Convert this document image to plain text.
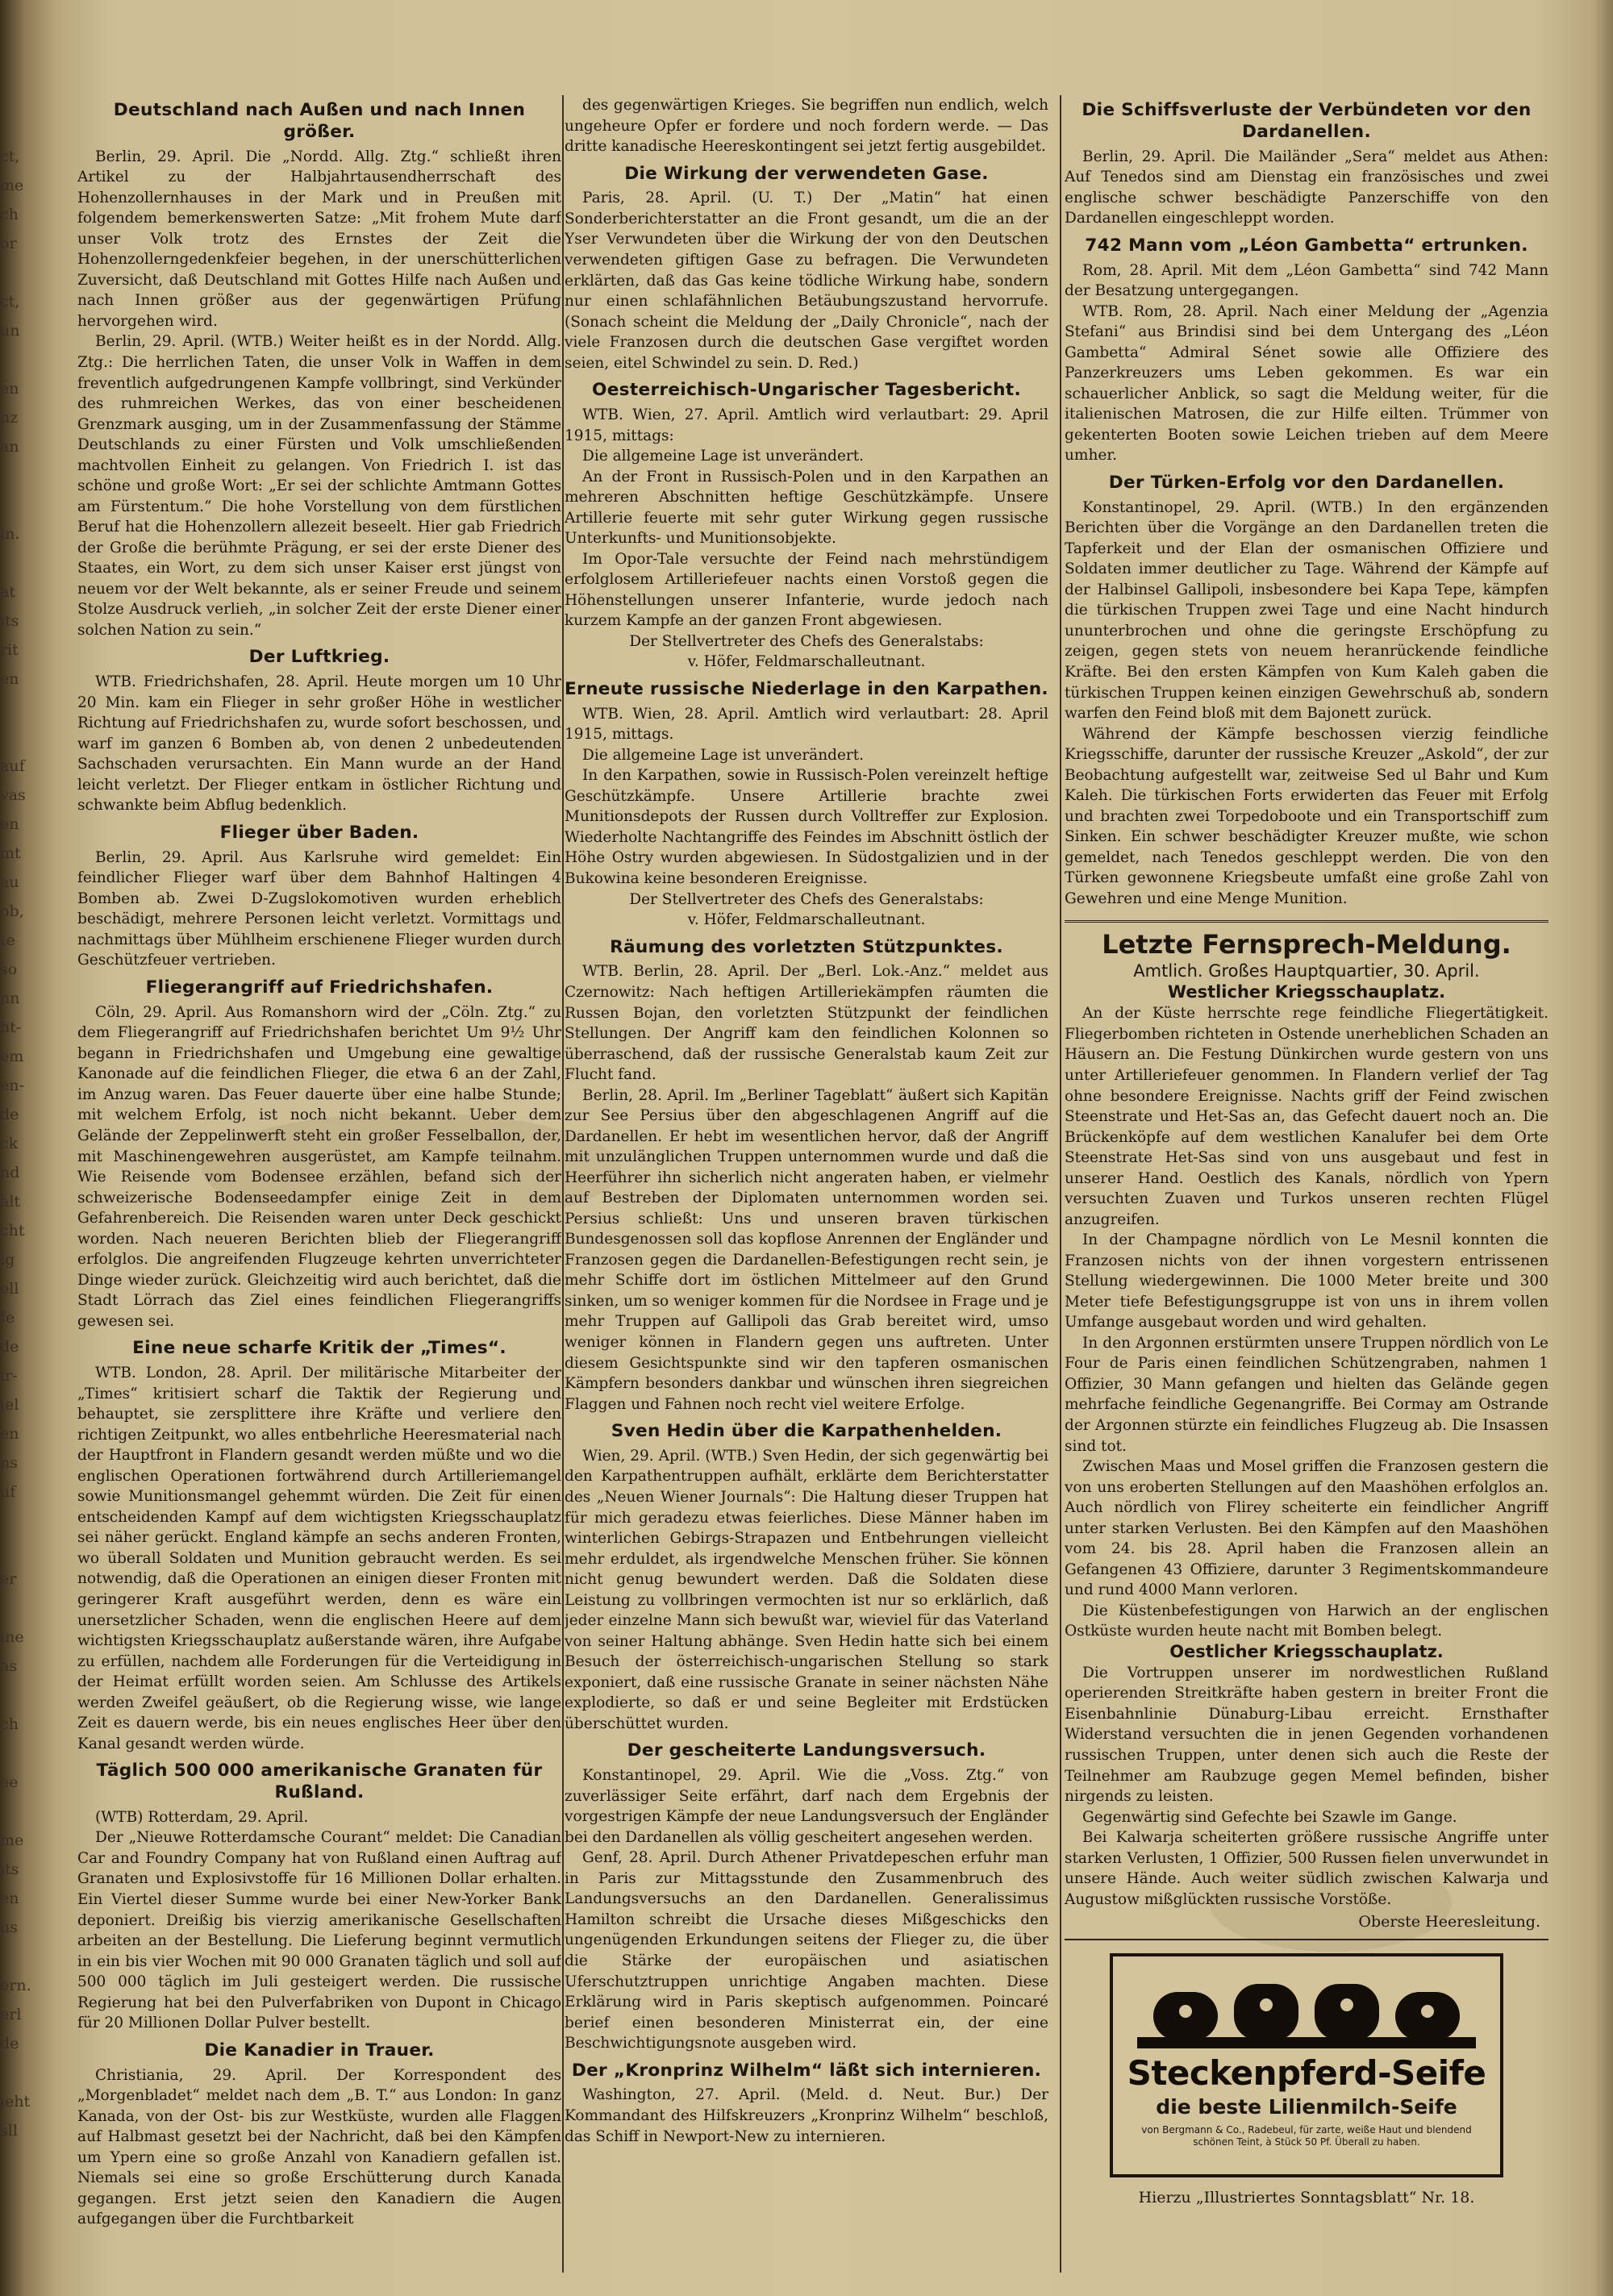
ct,
me
ch
or

ct,
un

en
nz
an

in.

at
its
rit
en

auf
vas
en
mt
au
ob,
te
so
nn
ht-
em
en-
de
ck
nd
alt
cht
ig
ell
fe
de
ir-
iel
en
ns
uf

er

ine
as

ch

ee

me
its
en
us

ern.
erl
de

ieht
sll
Deutschland nach Außen und nach Innen größer.

Berlin, 29. April. Die „Nordd. Allg. Ztg.“ schließt ihren Artikel zu der Halbjahrtausendherrschaft des Hohenzollernhauses in der Mark und in Preußen mit folgendem bemerkenswerten Satze: „Mit frohem Mute darf unser Volk trotz des Ernstes der Zeit die Hohenzollerngedenkfeier begehen, in der unerschütterlichen Zuversicht, daß Deutschland mit Gottes Hilfe nach Außen und nach Innen größer aus der gegenwärtigen Prüfung hervorgehen wird.

Berlin, 29. April. (WTB.) Weiter heißt es in der Nordd. Allg. Ztg.: Die herrlichen Taten, die unser Volk in Waffen in dem freventlich aufgedrungenen Kampfe vollbringt, sind Verkünder des ruhmreichen Werkes, das von einer bescheidenen Grenzmark ausging, um in der Zusammenfassung der Stämme Deutschlands zu einer Fürsten und Volk umschließenden machtvollen Einheit zu gelangen. Von Friedrich I. ist das schöne und große Wort: „Er sei der schlichte Amtmann Gottes am Fürstentum.“ Die hohe Vorstellung von dem fürstlichen Beruf hat die Hohenzollern allezeit beseelt. Hier gab Friedrich der Große die berühmte Prägung, er sei der erste Diener des Staates, ein Wort, zu dem sich unser Kaiser erst jüngst von neuem vor der Welt bekannte, als er seiner Freude und seinem Stolze Ausdruck verlieh, „in solcher Zeit der erste Diener einer solchen Nation zu sein.“

Der Luftkrieg.

WTB. Friedrichshafen, 28. April. Heute morgen um 10 Uhr 20 Min. kam ein Flieger in sehr großer Höhe in westlicher Richtung auf Friedrichshafen zu, wurde sofort beschossen, und warf im ganzen 6 Bomben ab, von denen 2 unbedeutenden Sachschaden verursachten. Ein Mann wurde an der Hand leicht verletzt. Der Flieger entkam in östlicher Richtung und schwankte beim Abflug bedenklich.

Flieger über Baden.

Berlin, 29. April. Aus Karlsruhe wird gemeldet: Ein feindlicher Flieger warf über dem Bahnhof Haltingen 4 Bomben ab. Zwei D-Zugslokomotiven wurden erheblich beschädigt, mehrere Personen leicht verletzt. Vormittags und nachmittags über Mühlheim erschienene Flieger wurden durch Geschützfeuer vertrieben.

Fliegerangriff auf Friedrichshafen.

Cöln, 29. April. Aus Romanshorn wird der „Cöln. Ztg.“ zu dem Fliegerangriff auf Friedrichshafen berichtet Um 9½ Uhr begann in Friedrichshafen und Umgebung eine gewaltige Kanonade auf die feindlichen Flieger, die etwa 6 an der Zahl, im Anzug waren. Das Feuer dauerte über eine halbe Stunde; mit welchem Erfolg, ist noch nicht bekannt. Ueber dem Gelände der Zeppelinwerft steht ein großer Fesselballon, der, mit Maschinengewehren ausgerüstet, am Kampfe teilnahm. Wie Reisende vom Bodensee erzählen, befand sich der schweizerische Bodenseedampfer einige Zeit in dem Gefahrenbereich. Die Reisenden waren unter Deck geschickt worden. Nach neueren Berichten blieb der Fliegerangriff erfolglos. Die angreifenden Flugzeuge kehrten unverrichteter Dinge wieder zurück. Gleichzeitig wird auch berichtet, daß die Stadt Lörrach das Ziel eines feindlichen Fliegerangriffs gewesen sei.

Eine neue scharfe Kritik der „Times“.

WTB. London, 28. April. Der militärische Mitarbeiter der „Times“ kritisiert scharf die Taktik der Regierung und behauptet, sie zersplittere ihre Kräfte und verliere den richtigen Zeitpunkt, wo alles entbehrliche Heeresmaterial nach der Hauptfront in Flandern gesandt werden müßte und wo die englischen Operationen fortwährend durch Artilleriemangel sowie Munitionsmangel gehemmt würden. Die Zeit für einen entscheidenden Kampf auf dem wichtigsten Kriegsschauplatz sei näher gerückt. England kämpfe an sechs anderen Fronten, wo überall Soldaten und Munition gebraucht werden. Es sei notwendig, daß die Operationen an einigen dieser Fronten mit geringerer Kraft ausgeführt werden, denn es wäre ein unersetzlicher Schaden, wenn die englischen Heere auf dem wichtigsten Kriegsschauplatz außerstande wären, ihre Aufgabe zu erfüllen, nachdem alle Forderungen für die Verteidigung in der Heimat erfüllt worden seien. Am Schlusse des Artikels werden Zweifel geäußert, ob die Regierung wisse, wie lange Zeit es dauern werde, bis ein neues englisches Heer über den Kanal gesandt werden würde.

Täglich 500 000 amerikanische Granaten für Rußland.

(WTB) Rotterdam, 29. April.

Der „Nieuwe Rotterdamsche Courant“ meldet: Die Canadian Car and Foundry Company hat von Rußland einen Auftrag auf Granaten und Explosivstoffe für 16 Millionen Dollar erhalten. Ein Viertel dieser Summe wurde bei einer New-Yorker Bank deponiert. Dreißig bis vierzig amerikanische Gesellschaften arbeiten an der Bestellung. Die Lieferung beginnt vermutlich in ein bis vier Wochen mit 90 000 Granaten täglich und soll auf 500 000 täglich im Juli gesteigert werden. Die russische Regierung hat bei den Pulverfabriken von Dupont in Chicago für 20 Millionen Dollar Pulver bestellt.

Die Kanadier in Trauer.

Christiania, 29. April. Der Korrespondent des „Morgenbladet“ meldet nach dem „B. T.“ aus London: In ganz Kanada, von der Ost- bis zur Westküste, wurden alle Flaggen auf Halbmast gesetzt bei der Nachricht, daß bei den Kämpfen um Ypern eine so große Anzahl von Kanadiern gefallen ist. Niemals sei eine so große Erschütterung durch Kanada gegangen. Erst jetzt seien den Kanadiern die Augen aufgegangen über die Furchtbarkeit

des gegenwärtigen Krieges. Sie begriffen nun endlich, welch ungeheure Opfer er fordere und noch fordern werde. — Das dritte kanadische Heereskontingent sei jetzt fertig ausgebildet.

Die Wirkung der verwendeten Gase.

Paris, 28. April. (U. T.) Der „Matin“ hat einen Sonderberichterstatter an die Front gesandt, um die an der Yser Verwundeten über die Wirkung der von den Deutschen verwendeten giftigen Gase zu befragen. Die Verwundeten erklärten, daß das Gas keine tödliche Wirkung habe, sondern nur einen schlafähnlichen Betäubungszustand hervorrufe. (Sonach scheint die Meldung der „Daily Chronicle“, nach der viele Franzosen durch die deutschen Gase vergiftet worden seien, eitel Schwindel zu sein. D. Red.)

Oesterreichisch-Ungarischer Tagesbericht.

WTB. Wien, 27. April. Amtlich wird verlautbart: 29. April 1915, mittags:

Die allgemeine Lage ist unverändert.

An der Front in Russisch-Polen und in den Karpathen an mehreren Abschnitten heftige Geschützkämpfe. Unsere Artillerie feuerte mit sehr guter Wirkung gegen russische Unterkunfts- und Munitionsobjekte.

Im Opor-Tale versuchte der Feind nach mehrstündigem erfolglosem Artilleriefeuer nachts einen Vorstoß gegen die Höhenstellungen unserer Infanterie, wurde jedoch nach kurzem Kampfe an der ganzen Front abgewiesen.

Der Stellvertreter des Chefs des Generalstabs:

v. Höfer, Feldmarschalleutnant.

Erneute russische Niederlage in den Karpathen.

WTB. Wien, 28. April. Amtlich wird verlautbart: 28. April 1915, mittags.

Die allgemeine Lage ist unverändert.

In den Karpathen, sowie in Russisch-Polen vereinzelt heftige Geschützkämpfe. Unsere Artillerie brachte zwei Munitionsdepots der Russen durch Volltreffer zur Explosion. Wiederholte Nachtangriffe des Feindes im Abschnitt östlich der Höhe Ostry wurden abgewiesen. In Südostgalizien und in der Bukowina keine besonderen Ereignisse.

Der Stellvertreter des Chefs des Generalstabs:

v. Höfer, Feldmarschalleutnant.

Räumung des vorletzten Stützpunktes.

WTB. Berlin, 28. April. Der „Berl. Lok.-Anz.“ meldet aus Czernowitz: Nach heftigen Artilleriekämpfen räumten die Russen Bojan, den vorletzten Stützpunkt der feindlichen Stellungen. Der Angriff kam den feindlichen Kolonnen so überraschend, daß der russische Generalstab kaum Zeit zur Flucht fand.

Berlin, 28. April. Im „Berliner Tageblatt“ äußert sich Kapitän zur See Persius über den abgeschlagenen Angriff auf die Dardanellen. Er hebt im wesentlichen hervor, daß der Angriff mit unzulänglichen Truppen unternommen wurde und daß die Heerführer ihn sicherlich nicht angeraten haben, er vielmehr auf Bestreben der Diplomaten unternommen worden sei. Persius schließt: Uns und unseren braven türkischen Bundesgenossen soll das kopflose Anrennen der Engländer und Franzosen gegen die Dardanellen-Befestigungen recht sein, je mehr Schiffe dort im östlichen Mittelmeer auf den Grund sinken, um so weniger kommen für die Nordsee in Frage und je mehr Truppen auf Gallipoli das Grab bereitet wird, umso weniger können in Flandern gegen uns auftreten. Unter diesem Gesichtspunkte sind wir den tapferen osmanischen Kämpfern besonders dankbar und wünschen ihren siegreichen Flaggen und Fahnen noch recht viel weitere Erfolge.

Sven Hedin über die Karpathenhelden.

Wien, 29. April. (WTB.) Sven Hedin, der sich gegenwärtig bei den Karpathentruppen aufhält, erklärte dem Berichterstatter des „Neuen Wiener Journals“: Die Haltung dieser Truppen hat für mich geradezu etwas feierliches. Diese Männer haben im winterlichen Gebirgs-Strapazen und Entbehrungen vielleicht mehr erduldet, als irgendwelche Menschen früher. Sie können nicht genug bewundert werden. Daß die Soldaten diese Leistung zu vollbringen vermochten ist nur so erklärlich, daß jeder einzelne Mann sich bewußt war, wieviel für das Vaterland von seiner Haltung abhänge. Sven Hedin hatte sich bei einem Besuch der österreichisch-ungarischen Stellung so stark exponiert, daß eine russische Granate in seiner nächsten Nähe explodierte, so daß er und seine Begleiter mit Erdstücken überschüttet wurden.

Der gescheiterte Landungsversuch.

Konstantinopel, 29. April. Wie die „Voss. Ztg.“ von zuverlässiger Seite erfährt, darf nach dem Ergebnis der vorgestrigen Kämpfe der neue Landungsversuch der Engländer bei den Dardanellen als völlig gescheitert angesehen werden.

Genf, 28. April. Durch Athener Privatdepeschen erfuhr man in Paris zur Mittagsstunde den Zusammenbruch des Landungsversuchs an den Dardanellen. Generalissimus Hamilton schreibt die Ursache dieses Mißgeschicks den ungenügenden Erkundungen seitens der Flieger zu, die über die Stärke der europäischen und asiatischen Uferschutztruppen unrichtige Angaben machten. Diese Erklärung wird in Paris skeptisch aufgenommen. Poincaré berief einen besonderen Ministerrat ein, der eine Beschwichtigungsnote ausgeben wird.

Der „Kronprinz Wilhelm“ läßt sich internieren.

Washington, 27. April. (Meld. d. Neut. Bur.) Der Kommandant des Hilfskreuzers „Kronprinz Wilhelm“ beschloß, das Schiff in Newport-New zu internieren.

Die Schiffsverluste der Verbündeten vor den Dardanellen.

Berlin, 29. April. Die Mailänder „Sera“ meldet aus Athen: Auf Tenedos sind am Dienstag ein französisches und zwei englische schwer beschädigte Panzerschiffe von den Dardanellen eingeschleppt worden.

742 Mann vom „Léon Gambetta“ ertrunken.

Rom, 28. April. Mit dem „Léon Gambetta“ sind 742 Mann der Besatzung untergegangen.

WTB. Rom, 28. April. Nach einer Meldung der „Agenzia Stefani“ aus Brindisi sind bei dem Untergang des „Léon Gambetta“ Admiral Sénet sowie alle Offiziere des Panzerkreuzers ums Leben gekommen. Es war ein schauerlicher Anblick, so sagt die Meldung weiter, für die italienischen Matrosen, die zur Hilfe eilten. Trümmer von gekenterten Booten sowie Leichen trieben auf dem Meere umher.

Der Türken-Erfolg vor den Dardanellen.

Konstantinopel, 29. April. (WTB.) In den ergänzenden Berichten über die Vorgänge an den Dardanellen treten die Tapferkeit und der Elan der osmanischen Offiziere und Soldaten immer deutlicher zu Tage. Während der Kämpfe auf der Halbinsel Gallipoli, insbesondere bei Kapa Tepe, kämpfen die türkischen Truppen zwei Tage und eine Nacht hindurch ununterbrochen und ohne die geringste Erschöpfung zu zeigen, gegen stets von neuem heranrückende feindliche Kräfte. Bei den ersten Kämpfen von Kum Kaleh gaben die türkischen Truppen keinen einzigen Gewehrschuß ab, sondern warfen den Feind bloß mit dem Bajonett zurück.

Während der Kämpfe beschossen vierzig feindliche Kriegsschiffe, darunter der russische Kreuzer „Askold“, der zur Beobachtung aufgestellt war, zeitweise Sed ul Bahr und Kum Kaleh. Die türkischen Forts erwiderten das Feuer mit Erfolg und brachten zwei Torpedoboote und ein Transportschiff zum Sinken. Ein schwer beschädigter Kreuzer mußte, wie schon gemeldet, nach Tenedos geschleppt werden. Die von den Türken gewonnene Kriegsbeute umfaßt eine große Zahl von Gewehren und eine Menge Munition.

Letzte Fernsprech-Meldung.
Amtlich. Großes Hauptquartier, 30. April.
Westlicher Kriegsschauplatz.

An der Küste herrschte rege feindliche Fliegertätigkeit. Fliegerbomben richteten in Ostende unerheblichen Schaden an Häusern an. Die Festung Dünkirchen wurde gestern von uns unter Artilleriefeuer genommen. In Flandern verlief der Tag ohne besondere Ereignisse. Nachts griff der Feind zwischen Steenstrate und Het-Sas an, das Gefecht dauert noch an. Die Brückenköpfe auf dem westlichen Kanalufer bei dem Orte Steenstrate Het-Sas sind von uns ausgebaut und fest in unserer Hand. Oestlich des Kanals, nördlich von Ypern versuchten Zuaven und Turkos unseren rechten Flügel anzugreifen.

In der Champagne nördlich von Le Mesnil konnten die Franzosen nichts von der ihnen vorgestern entrissenen Stellung wiedergewinnen. Die 1000 Meter breite und 300 Meter tiefe Befestigungsgruppe ist von uns in ihrem vollen Umfange ausgebaut worden und wird gehalten.

In den Argonnen erstürmten unsere Truppen nördlich von Le Four de Paris einen feindlichen Schützengraben, nahmen 1 Offizier, 30 Mann gefangen und hielten das Gelände gegen mehrfache feindliche Gegenangriffe. Bei Cormay am Ostrande der Argonnen stürzte ein feindliches Flugzeug ab. Die Insassen sind tot.

Zwischen Maas und Mosel griffen die Franzosen gestern die von uns eroberten Stellungen auf den Maashöhen erfolglos an. Auch nördlich von Flirey scheiterte ein feindlicher Angriff unter starken Verlusten. Bei den Kämpfen auf den Maashöhen vom 24. bis 28. April haben die Franzosen allein an Gefangenen 43 Offiziere, darunter 3 Regimentskommandeure und rund 4000 Mann verloren.

Die Küstenbefestigungen von Harwich an der englischen Ostküste wurden heute nacht mit Bomben belegt.

Oestlicher Kriegsschauplatz.

Die Vortruppen unserer im nordwestlichen Rußland operierenden Streitkräfte haben gestern in breiter Front die Eisenbahnlinie Dünaburg-Libau erreicht. Ernsthafter Widerstand versuchten die in jenen Gegenden vorhandenen russischen Truppen, unter denen sich auch die Reste der Teilnehmer am Raubzuge gegen Memel befinden, bisher nirgends zu leisten.

Gegenwärtig sind Gefechte bei Szawle im Gange.

Bei Kalwarja scheiterten größere russische Angriffe unter starken Verlusten, 1 Offizier, 500 Russen fielen unverwundet in unsere Hände. Auch weiter südlich zwischen Kalwarja und Augustow mißglückten russische Vorstöße.

Oberste Heeresleitung.
Steckenpferd-Seife
die beste Lilienmilch-Seife
von Bergmann & Co., Radebeul, für zarte, weiße Haut und blendend schönen Teint, à Stück 50 Pf. Überall zu haben.
Hierzu „Illustriertes Sonntagsblatt“ Nr. 18.
